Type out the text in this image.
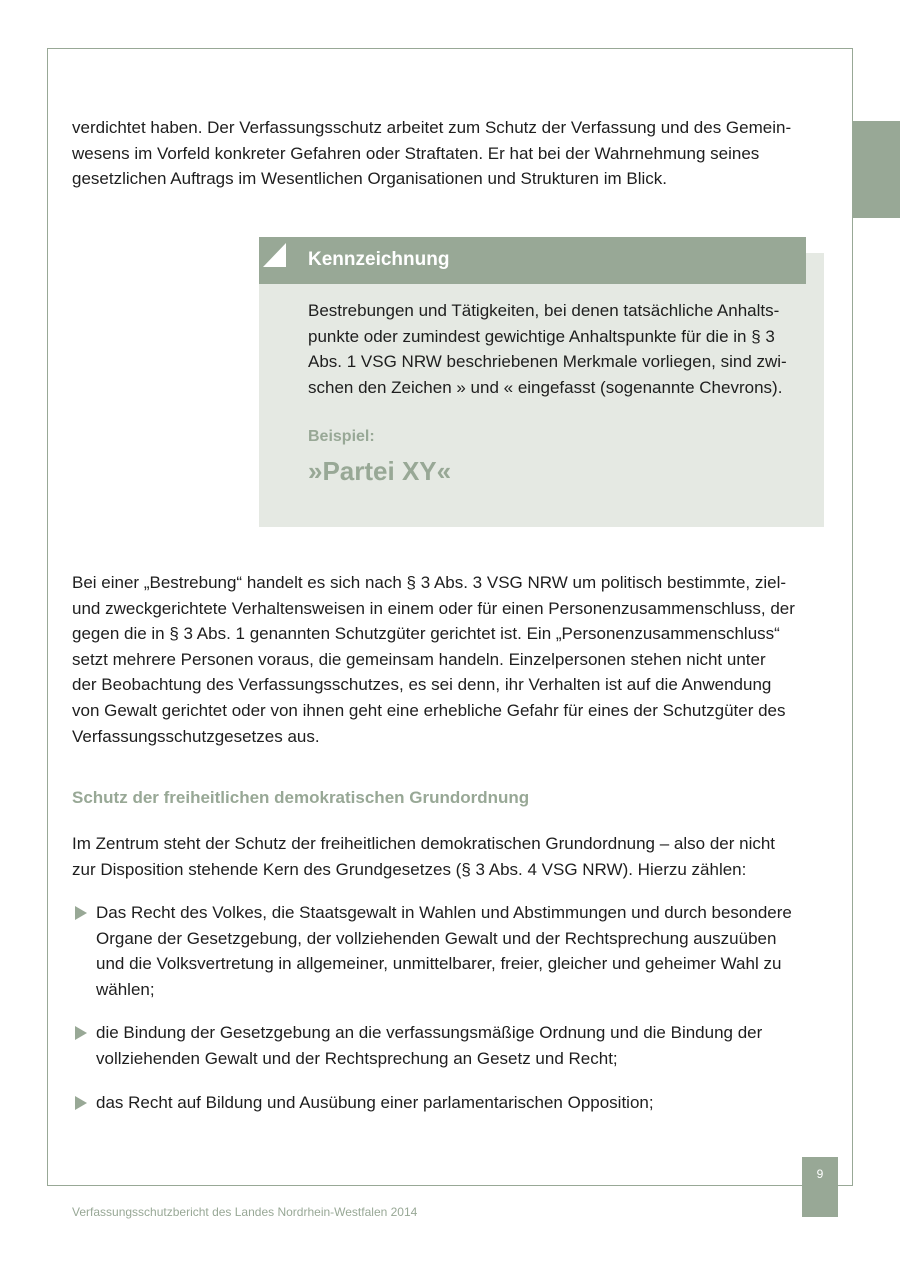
verdichtet haben. Der Verfassungsschutz arbeitet zum Schutz der Verfassung und des Gemein-
wesens im Vorfeld konkreter Gefahren oder Straftaten. Er hat bei der Wahrnehmung seines
gesetzlichen Auftrags im Wesentlichen Organisationen und Strukturen im Blick.

Kennzeichnung
Bestrebungen und Tätigkeiten, bei denen tatsächliche Anhalts-
punkte oder zumindest gewichtige Anhaltspunkte für die in § 3
Abs. 1 VSG NRW beschriebenen Merkmale vorliegen, sind zwi-
schen den Zeichen » und « eingefasst (sogenannte Chevrons).
Beispiel:
»Partei XY«

Bei einer „Bestrebung“ handelt es sich nach § 3 Abs. 3 VSG NRW um politisch bestimmte, ziel-
und zweckgerichtete Verhaltensweisen in einem oder für einen Personenzusammenschluss, der
gegen die in § 3 Abs. 1 genannten Schutzgüter gerichtet ist. Ein „Personenzusammenschluss“
setzt mehrere Personen voraus, die gemeinsam handeln. Einzelpersonen stehen nicht unter
der Beobachtung des Verfassungsschutzes, es sei denn, ihr Verhalten ist auf die Anwendung
von Gewalt gerichtet oder von ihnen geht eine erhebliche Gefahr für eines der Schutzgüter des
Verfassungsschutzgesetzes aus.

Schutz der freiheitlichen demokratischen Grundordnung

Im Zentrum steht der Schutz der freiheitlichen demokratischen Grundordnung – also der nicht
zur Disposition stehende Kern des Grundgesetzes (§ 3 Abs. 4 VSG NRW). Hierzu zählen:

Das Recht des Volkes, die Staatsgewalt in Wahlen und Abstimmungen und durch besondere
Organe der Gesetzgebung, der vollziehenden Gewalt und der Rechtsprechung auszuüben
und die Volksvertretung in allgemeiner, unmittelbarer, freier, gleicher und geheimer Wahl zu
wählen;
die Bindung der Gesetzgebung an die verfassungsmäßige Ordnung und die Bindung der
vollziehenden Gewalt und der Rechtsprechung an Gesetz und Recht;
das Recht auf Bildung und Ausübung einer parlamentarischen Opposition;
9
Verfassungsschutzbericht des Landes Nordrhein-Westfalen 2014
